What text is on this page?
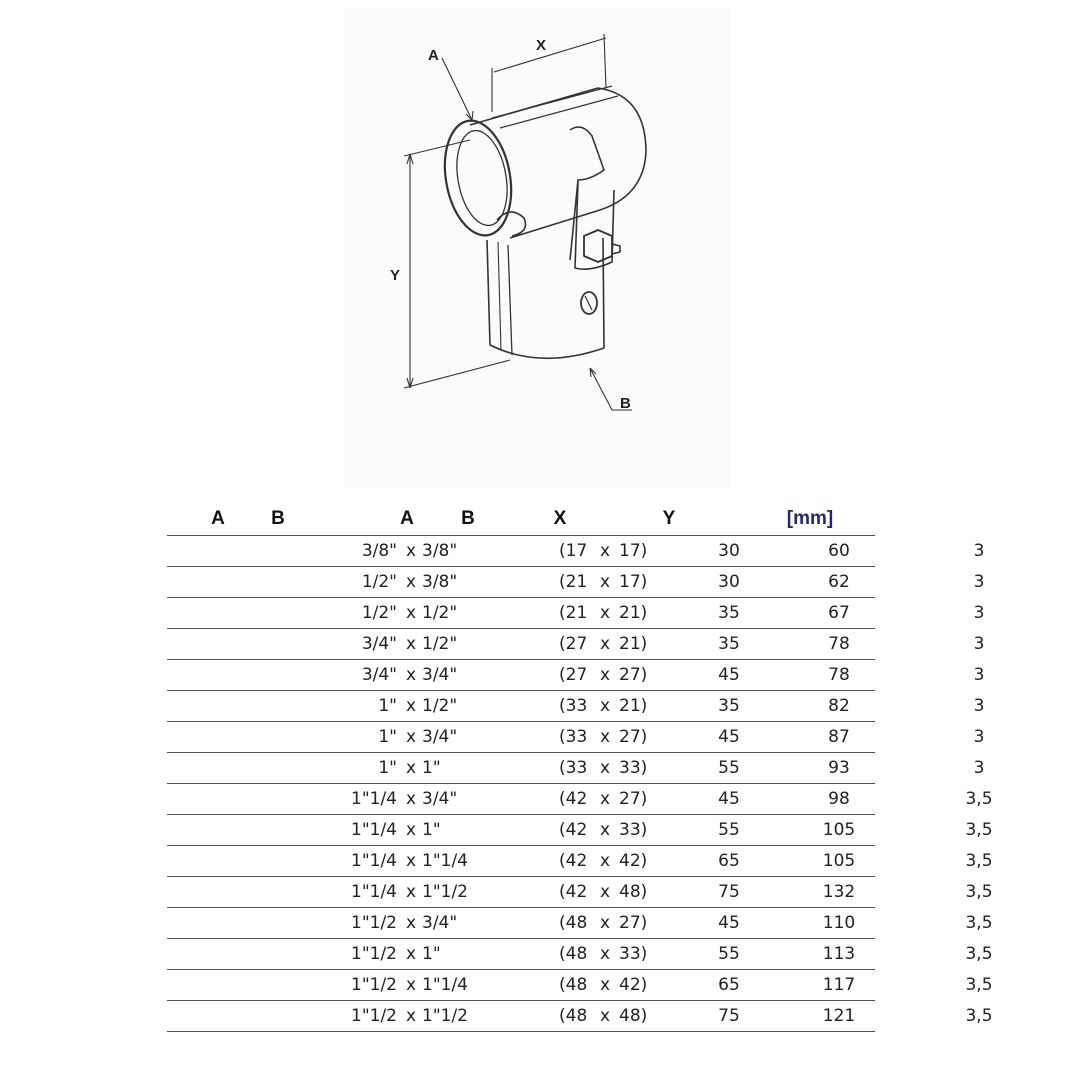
A
X
Y
B
A B	A B	X	Y	[mm]
3/8" x 3/8"	(17 x 17)	30	60	3
1/2" x 3/8"	(21 x 17)	30	62	3
1/2" x 1/2"	(21 x 21)	35	67	3
3/4" x 1/2"	(27 x 21)	35	78	3
3/4" x 3/4"	(27 x 27)	45	78	3
1" x 1/2"	(33 x 21)	35	82	3
1" x 3/4"	(33 x 27)	45	87	3
1" x 1"	(33 x 33)	55	93	3
1"1/4 x 3/4"	(42 x 27)	45	98	3,5
1"1/4 x 1"	(42 x 33)	55	105	3,5
1"1/4 x 1"1/4	(42 x 42)	65	105	3,5
1"1/4 x 1"1/2	(42 x 48)	75	132	3,5
1"1/2 x 3/4"	(48 x 27)	45	110	3,5
1"1/2 x 1"	(48 x 33)	55	113	3,5
1"1/2 x 1"1/4	(48 x 42)	65	117	3,5
1"1/2 x 1"1/2	(48 x 48)	75	121	3,5
